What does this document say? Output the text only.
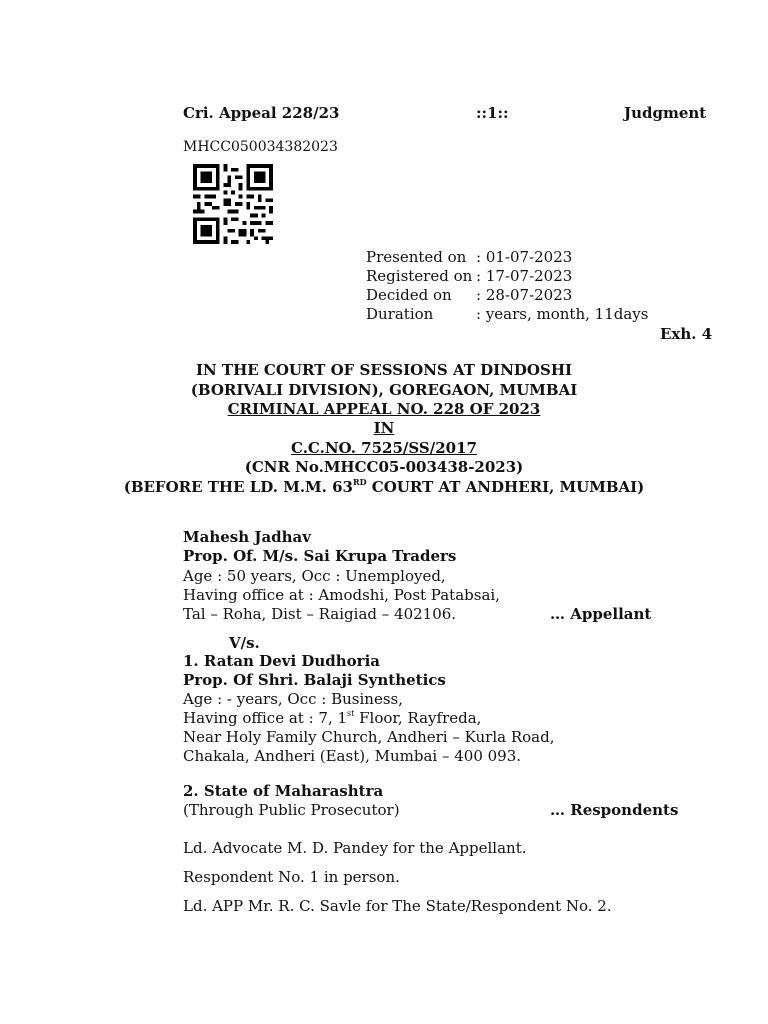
Cri. Appeal 228/23	::1::	Judgment
MHCC050034382023
Presented on : 01-07-2023
Registered on : 17-07-2023
Decided on : 28-07-2023
Duration	: years, month, 11days
Exh. 4
IN THE COURT OF SESSIONS AT DINDOSHI
(BORIVALI DIVISION), GOREGAON, MUMBAI
CRIMINAL APPEAL NO. 228 OF 2023
IN
C.C.NO. 7525/SS/2017
(CNR No.MHCC05-003438-2023)
(BEFORE THE LD. M.M. 63RD COURT AT ANDHERI, MUMBAI)
Mahesh Jadhav
Prop. Of. M/s. Sai Krupa Traders
Age : 50 years, Occ : Unemployed,
Having office at : Amodshi, Post Patabsai,
Tal – Roha, Dist – Raigiad – 402106.	… Appellant
V/s.
1. Ratan Devi Dudhoria
Prop. Of Shri. Balaji Synthetics
Age : - years, Occ : Business,
Having office at : 7, 1st Floor, Rayfreda,
Near Holy Family Church, Andheri – Kurla Road,
Chakala, Andheri (East), Mumbai – 400 093.
2. State of Maharashtra
(Through Public Prosecutor)	… Respondents
Ld. Advocate M. D. Pandey for the Appellant.
Respondent No. 1 in person.
Ld. APP Mr. R. C. Savle for The State/Respondent No. 2.
